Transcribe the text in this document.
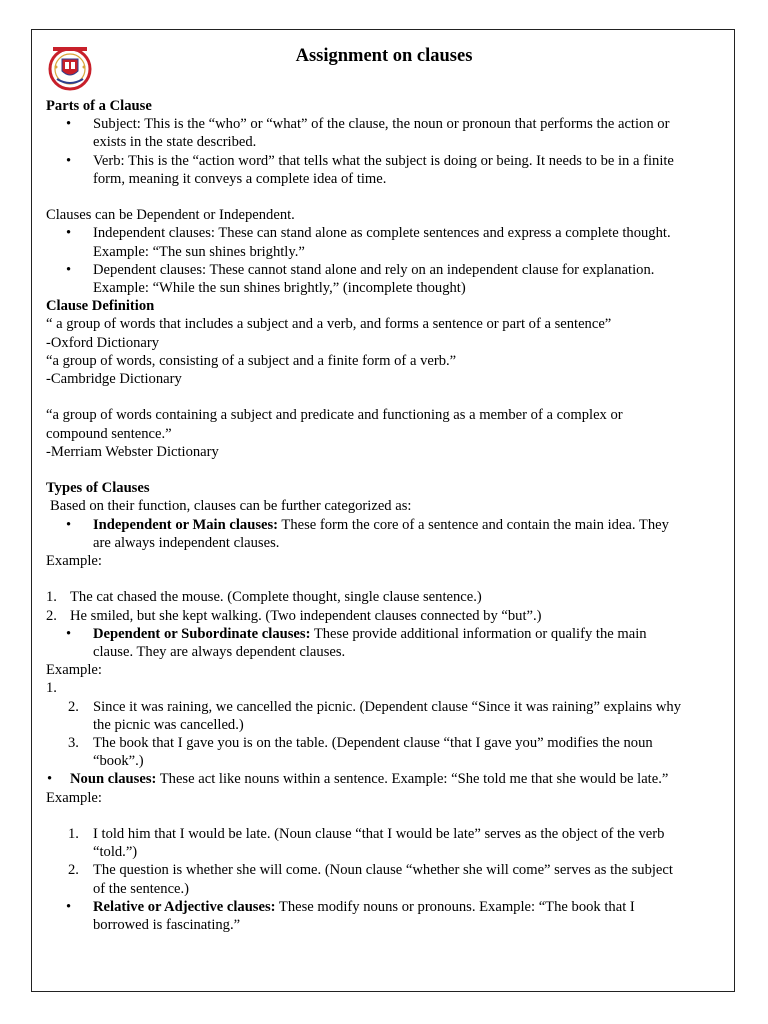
Assignment on clauses
Parts of a Clause
• Subject: This is the “who” or “what” of the clause, the noun or pronoun that performs the action or
exists in the state described.
• Verb: This is the “action word” that tells what the subject is doing or being. It needs to be in a finite
form, meaning it conveys a complete idea of time.
Clauses can be Dependent or Independent.
• Independent clauses: These can stand alone as complete sentences and express a complete thought.
Example: “The sun shines brightly.”
• Dependent clauses: These cannot stand alone and rely on an independent clause for explanation.
Example: “While the sun shines brightly,” (incomplete thought)
Clause Definition
“ a group of words that includes a subject and a verb, and forms a sentence or part of a sentence”
-Oxford Dictionary
“a group of words, consisting of a subject and a finite form of a verb.”
-Cambridge Dictionary
“a group of words containing a subject and predicate and functioning as a member of a complex or
compound sentence.”
-Merriam Webster Dictionary
Types of Clauses
Based on their function, clauses can be further categorized as:
• Independent or Main clauses: These form the core of a sentence and contain the main idea. They
are always independent clauses.
Example:
1. The cat chased the mouse. (Complete thought, single clause sentence.)
2. He smiled, but she kept walking. (Two independent clauses connected by “but”.)
• Dependent or Subordinate clauses: These provide additional information or qualify the main
clause. They are always dependent clauses.
Example:
1.
2. Since it was raining, we cancelled the picnic. (Dependent clause “Since it was raining” explains why
the picnic was cancelled.)
3. The book that I gave you is on the table. (Dependent clause “that I gave you” modifies the noun
“book”.)
• Noun clauses: These act like nouns within a sentence. Example: “She told me that she would be late.”
Example:
1. I told him that I would be late. (Noun clause “that I would be late” serves as the object of the verb
“told.”)
2. The question is whether she will come. (Noun clause “whether she will come” serves as the subject
of the sentence.)
• Relative or Adjective clauses: These modify nouns or pronouns. Example: “The book that I
borrowed is fascinating.”
